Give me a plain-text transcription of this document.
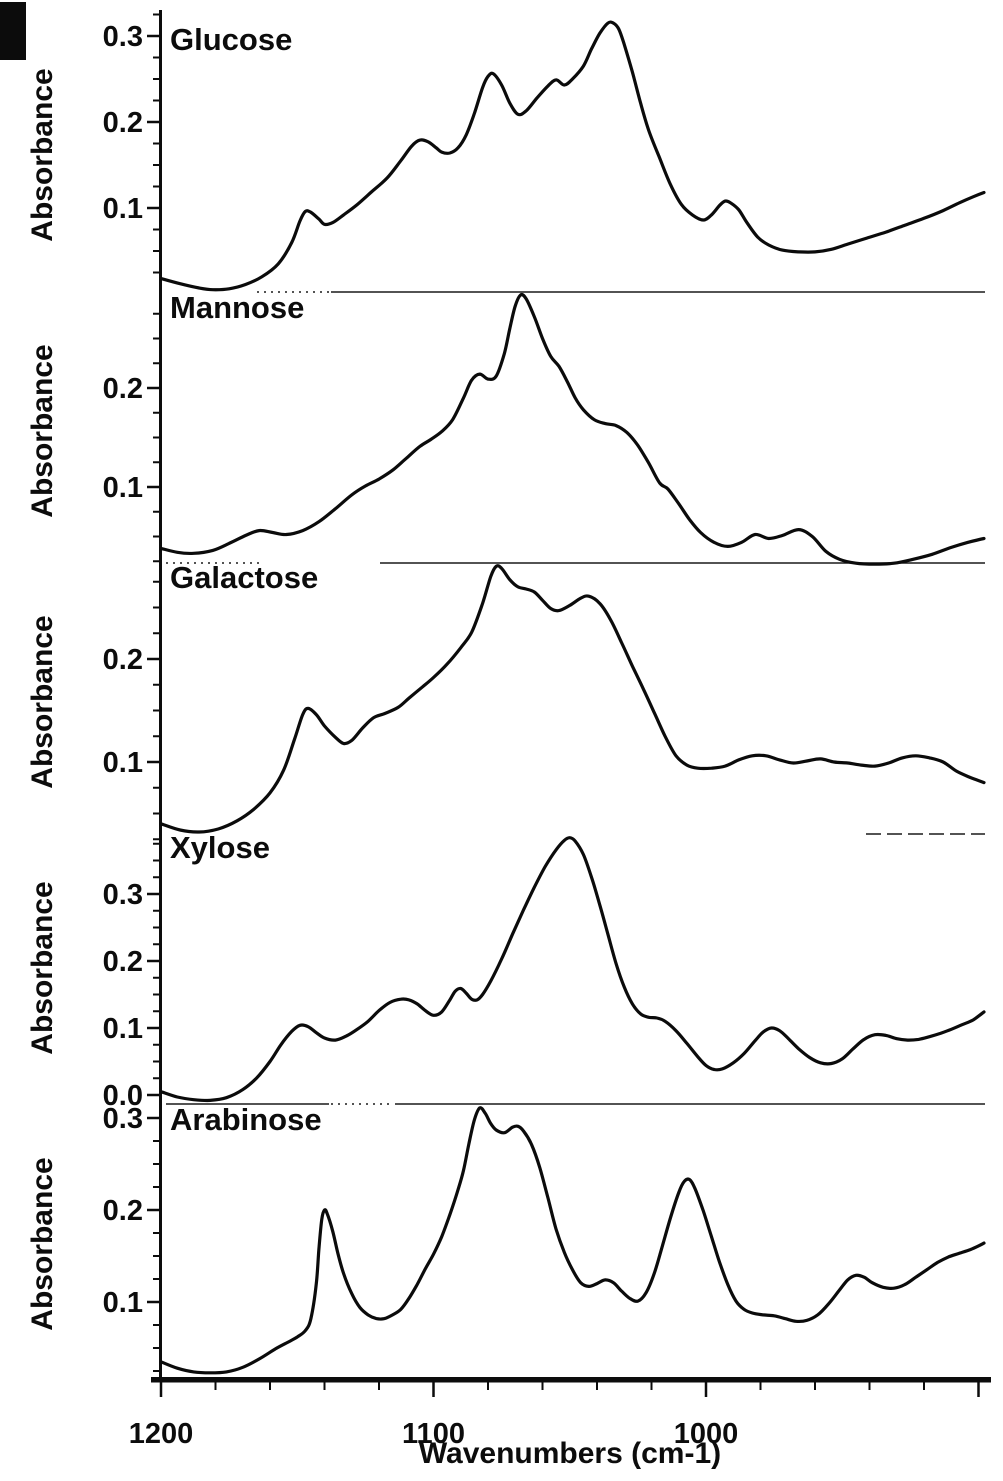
0.1
0.2
0.3
Absorbance
Glucose
0.1
0.2
Absorbance
Mannose
0.1
0.2
Absorbance
Galactose
0.0
0.1
0.2
0.3
Absorbance
Xylose
0.1
0.2
0.3
Absorbance
Arabinose
1200	1100	1000
Wavenumbers (cm-1)
